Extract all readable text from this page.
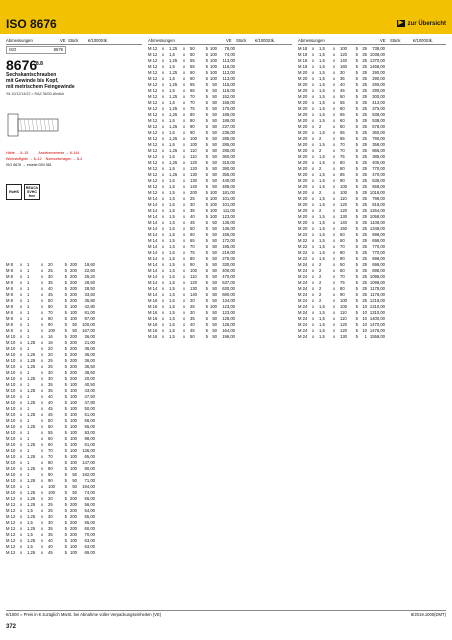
ISO 8676	▶ zur Übersicht
Abmessungen	VE Stück €/1000Stk.	Abmessungen	VE Stück €/1000Stk.	Abmessungen	VE Stück	€/1000Stk.
ISO	8676
8676
8.8
Sechskantschrauben
mit Gewinde bis Kopf,
mit metrischem Feingewinde
*M 10/12/14/22 = RAZ 36/00-ähnlich
Härte → 8–15	Anziehmomente → 8-144
Werkstoffgüte → 8–12 Normunterlagen → 8-4
ISO 8676 → ersetzt DIN 961
RoHS
REACh SVHC free
M 8	x	1	x	20	5 200	19,60
M 8	x	1	x	25	5 200	22,60
M 8	x	1	x	30	5 200	26,20
M 8	x	1	x	35	5 200	28,50
M 8	x	1	x	40	5 200	28,50
M 8	x	1	x	45	5 200	33,50
M 8	x	1	x	50	5 200	35,80
M 8	x	1	x	60	5 100	42,80
M 8	x	1	x	70	5 100	81,00
M 8	x	1	x	80	5 100	97,00
M 8	x	1	x	90	5	50	100,00
M 8	x	1	x	100	5	50	167,00
M 10	x	1	x	16	5 200	36,00
M 10	x	1,25	x	16	5 200	21,00
M 10	x	1	x	20	5 200	36,00
M 10	x	1,25	x	20	5 200	36,00
M 10	x	1,25	x	25	5 200	36,00
M 10	x	1,25	x	25	5 200	36,50
M 10	x	1	x	30	5 200	38,50
M 10	x	1,25	x	30	5 200	20,00
M 10	x	1	x	35	5 100	40,50
M 10	x	1,25	x	35	5 100	43,00
M 10	x	1	x	40	5 100	47,50
M 10	x	1,25	x	40	5 100	47,80
M 10	x	1	x	45	5 100	50,00
M 10	x	1,25	x	45	5 100	51,00
M 10	x	1	x	50	5 100	56,00
M 10	x	1,25	x	50	5 100	55,00
M 10	x	1	x	55	5 100	93,00
M 10	x	1	x	60	5 100	98,00
M 10	x	1,25	x	60	5 100	61,00
M 10	x	1	x	70	5 100	136,00
M 10	x	1,25	x	70	5 100	65,00
M 10	x	1	x	80	5 100	147,00
M 10	x	1,25	x	80	5 100	80,00
M 10	x	1	x	90	5	50	182,00
M 10	x	1,25	x	90	5	50	71,00
M 10	x	1	x	100	5	50	194,00
M 10	x	1,25	x	100	5	50	74,00
M 12	x	1,25	x	20	5 200	56,00
M 12	x	1,25	x	25	5 200	56,00
M 12	x	1,5	x	25	5 200	54,00
M 12	x	1,25	x	30	5 200	55,00
M 12	x	1,5	x	30	5 200	55,00
M 12	x	1,25	x	35	5 200	60,00
M 12	x	1,5	x	35	5 200	70,00
M 12	x	1,25	x	40	5 100	63,00
M 12	x	1,5	x	40	5 100	63,00
M 12	x	1,25	x	45	5 100	69,00
M 12	x	1,25	x	50	5 100	76,00
M 12	x	1,5	x	50	5 100	74,00
M 12	x	1,25	x	55	5 100	113,00
M 12	x	1,5	x	55	5 100	116,00
M 12	x	1,25	x	60	5 100	113,00
M 12	x	1,5	x	60	5 100	113,00
M 12	x	1,25	x	65	5	50	115,00
M 12	x	1,5	x	65	5	50	116,00
M 12	x	1,25	x	70	5	50	152,00
M 12	x	1,5	x	70	5	50	156,00
M 12	x	1,25	x	75	5	50	170,00
M 12	x	1,25	x	80	5	50	186,00
M 12	x	1,5	x	80	5	50	186,00
M 12	x	1,25	x	90	5	50	237,00
M 12	x	1,5	x	90	5	50	236,00
M 12	x	1,25	x	100	5	50	285,00
M 12	x	1,5	x	100	5	50	285,00
M 12	x	1,25	x	110	5	50	285,00
M 12	x	1,5	x	110	5	50	360,00
M 12	x	1,25	x	120	5	50	315,00
M 12	x	1,5	x	120	5	50	390,00
M 12	x	1,25	x	130	5	50	355,00
M 12	x	1,5	x	130	5	50	440,00
M 12	x	1,5	x	140	5	50	485,00
M 12	x	1,5	x	200	5 100	181,00
M 14	x	1,5	x	25	5 100	101,00
M 14	x	1,5	x	30	5 100	101,00
M 14	x	1,5	x	35	5 100	111,00
M 14	x	1,5	x	40	5 100	123,00
M 14	x	1,5	x	45	5	50	136,00
M 14	x	1,5	x	50	5	50	136,00
M 14	x	1,5	x	60	5	50	156,00
M 14	x	1,5	x	65	5	50	172,00
M 14	x	1,5	x	70	5	50	195,00
M 14	x	1,5	x	75	5	50	219,00
M 14	x	1,5	x	80	5	50	275,00
M 14	x	1,5	x	90	5	50	330,00
M 14	x	1,5	x	100	5	50	400,00
M 14	x	1,5	x	110	5	50	470,00
M 14	x	1,5	x	120	5	50	537,00
M 14	x	1,5	x	130	5	50	630,00
M 14	x	1,5	x	140	5	50	680,00
M 16	x	1,5	x	20	5	50	134,00
M 16	x	1,5	x	25	5 100	123,00
M 16	x	1,5	x	30	5	50	123,00
M 16	x	1,5	x	35	5	50	128,00
M 16	x	1,5	x	40	5	50	128,00
M 16	x	1,5	x	45	5	50	164,00
M 16	x	1,5	x	50	5	50	196,00
M 18	x	1,5	x	100	5	25	738,00
M 18	x	1,5	x	120	5	25 1038,00
M 18	x	1,5	x	140	5	25 1370,00
M 18	x	1,5	x	160	5	25 1468,00
M 20	x	1,5	x	30	5	25	290,00
M 20	x	1,5	x	35	5	25	290,00
M 20	x	1,5	x	40	5	25	290,00
M 20	x	1,5	x	45	5	25	290,00
M 20	x	1,5	x	50	5	25	300,00
M 20	x	1,5	x	55	5	25	413,00
M 20	x	1,5	x	60	5	25	375,00
M 20	x	1,5	x	65	5	25	538,00
M 20	x	1,5	x	60	5	25	538,00
M 20	x	2	x	60	5	25	578,00
M 20	x	1,5	x	65	5	25	360,00
M 20	x	2	x	65	5	25	790,00
M 20	x	1,5	x	70	5	25	358,00
M 20	x	2	x	70	5	25	866,00
M 20	x	1,5	x	75	5	25	385,00
M 20	x	1,5	x	80	5	25	405,00
M 20	x	2	x	80	5	25	770,00
M 20	x	1,5	x	85	5	25	470,00
M 20	x	1,5	x	90	5	25	538,00
M 20	x	1,5	x	100	5	25	658,00
M 20	x	2	x	100	5	25 1018,00
M 20	x	1,5	x	110	5	25	798,00
M 20	x	1,5	x	120	5	25	818,00
M 20	x	2	x	120	5	25 1264,00
M 20	x	1,5	x	130	5	25 1058,00
M 20	x	1,5	x	140	5	25 1108,00
M 20	x	1,5	x	150	5	25 1348,00
M 22	x	1,5	x	50	5	25	698,00
M 22	x	1,5	x	60	5	25	698,00
M 22	x	1,5	x	70	5	25	770,00
M 22	x	1,5	x	80	5	25	770,00
M 22	x	1,5	x	90	5	25	698,00
M 24	x	2	x	50	5	25	698,00
M 24	x	2	x	60	5	25	698,00
M 24	x	2	x	70	5	25 1098,00
M 24	x	2	x	75	5	25 1098,00
M 24	x	2	x	80	5	25 1178,00
M 24	x	2	x	90	5	25 1178,00
M 24	x	2	x	100	5	25 1218,00
M 24	x	1,5	x	100	5	10 1310,00
M 24	x	1,5	x	110	5	10 1310,00
M 24	x	1,5	x	110	5	10 1400,00
M 24	x	1,5	x	120	5	10 1470,00
M 24	x	1,5	x	120	5	10 1478,00
M 24	x	1,5	x	130	5	1 1558,00
€/1000 = Preis in € zuzüglich MwSt. bei Abnahme voller Verpackungseinheiten (VE)	8/2019.1000(DMT)
372
